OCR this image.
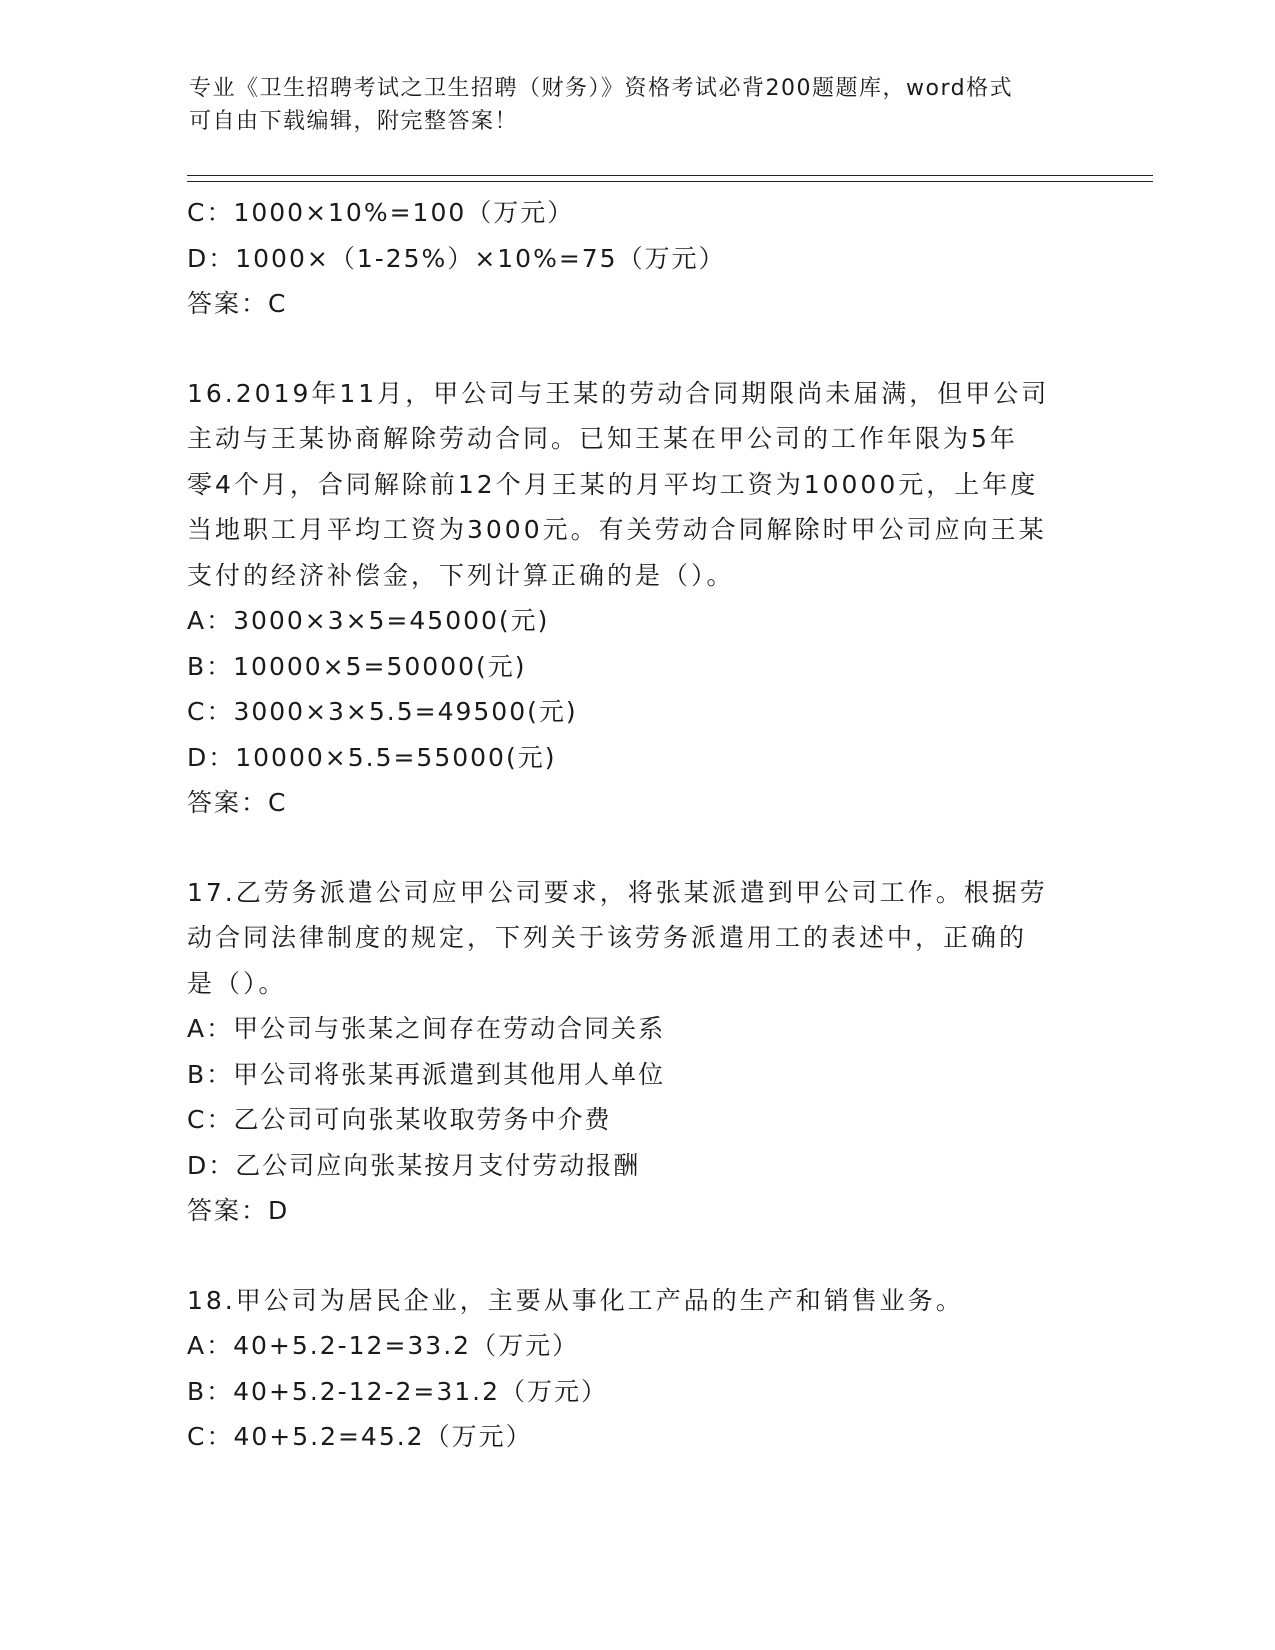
专业《卫生招聘考试之卫生招聘（财务）》资格考试必背200题题库，word格式
可自由下载编辑，附完整答案！
C：1000×10%=100（万元）
D：1000×（1-25%）×10%=75（万元）
答案：C
16.2019年11月，甲公司与王某的劳动合同期限尚未届满，但甲公司
主动与王某协商解除劳动合同。已知王某在甲公司的工作年限为5年
零4个月，合同解除前12个月王某的月平均工资为10000元，上年度
当地职工月平均工资为3000元。有关劳动合同解除时甲公司应向王某
支付的经济补偿金，下列计算正确的是（）。
A：3000×3×5=45000(元)
B：10000×5=50000(元)
C：3000×3×5.5=49500(元)
D：10000×5.5=55000(元)
答案：C
17.乙劳务派遣公司应甲公司要求，将张某派遣到甲公司工作。根据劳
动合同法律制度的规定，下列关于该劳务派遣用工的表述中，正确的
是（）。
A：甲公司与张某之间存在劳动合同关系
B：甲公司将张某再派遣到其他用人单位
C：乙公司可向张某收取劳务中介费
D：乙公司应向张某按月支付劳动报酬
答案：D
18.甲公司为居民企业，主要从事化工产品的生产和销售业务。
A：40+5.2-12=33.2（万元）
B：40+5.2-12-2=31.2（万元）
C：40+5.2=45.2（万元）
